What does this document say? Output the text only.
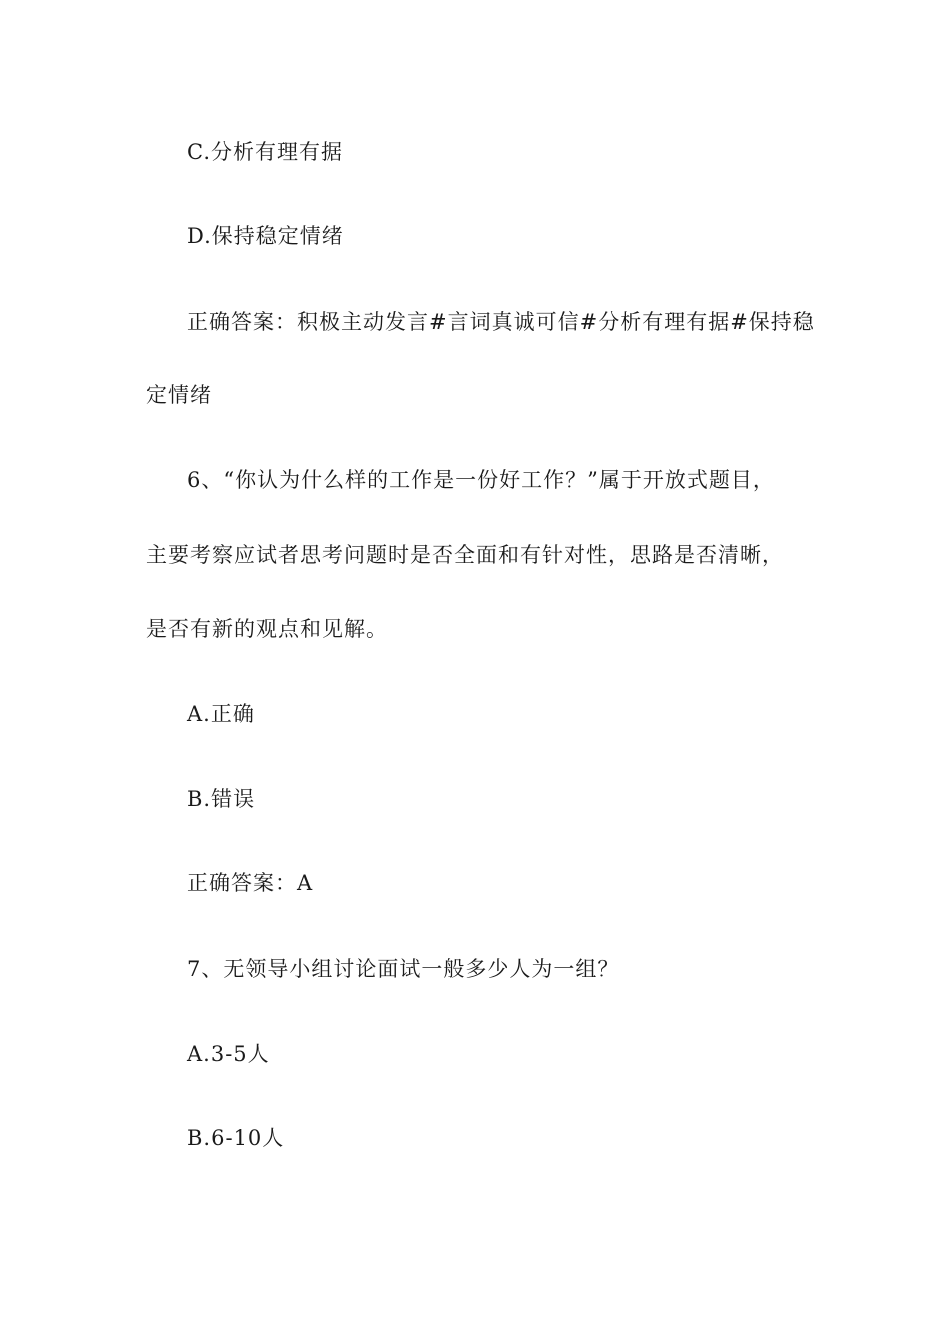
C.分析有理有据
D.保持稳定情绪
正确答案：积极主动发言#言词真诚可信#分析有理有据#保持稳
定情绪
6、“你认为什么样的工作是一份好工作？”属于开放式题目，
主要考察应试者思考问题时是否全面和有针对性，思路是否清晰，
是否有新的观点和见解。
A.正确
B.错误
正确答案：A
7、无领导小组讨论面试一般多少人为一组？
A.3-5人
B.6-10人
